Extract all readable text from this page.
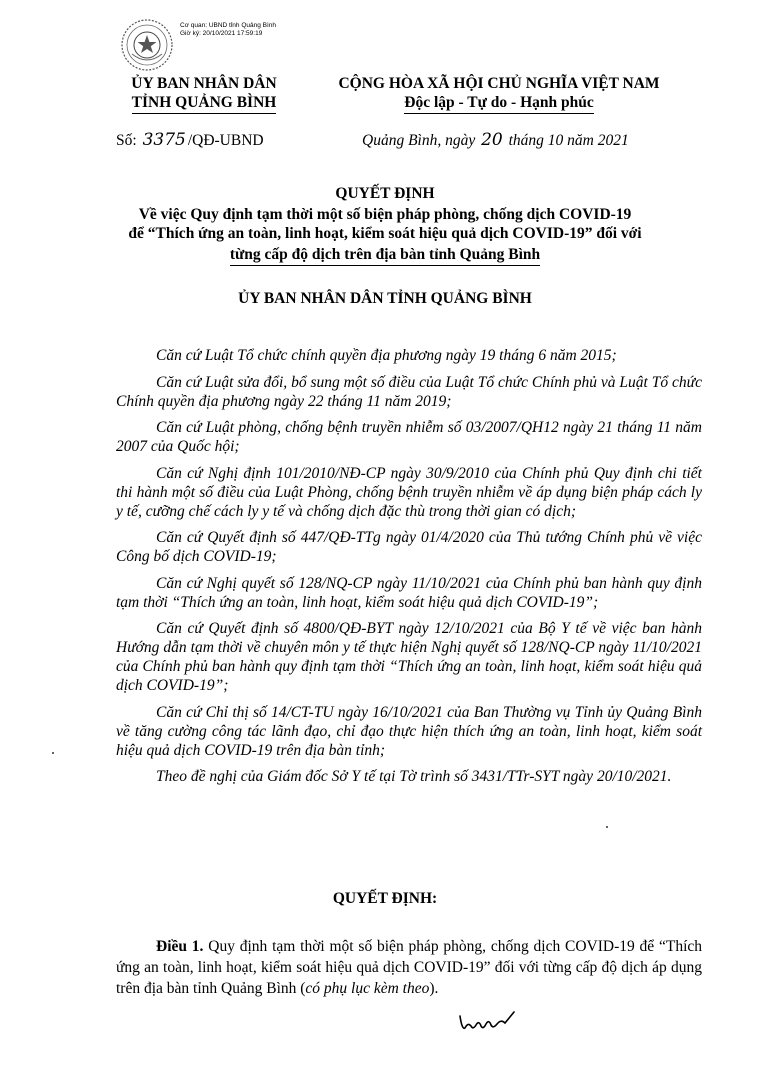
Cơ quan: UBND tỉnh Quảng Bình
Giờ ký: 20/10/2021 17:59:19
ỦY BAN NHÂN DÂN
TỈNH QUẢNG BÌNH
CỘNG HÒA XÃ HỘI CHỦ NGHĨA VIỆT NAM
Độc lập - Tự do - Hạnh phúc
Số: 3375 /QĐ-UBND	Quảng Bình, ngày 20 tháng 10 năm 2021
QUYẾT ĐỊNH
Về việc Quy định tạm thời một số biện pháp phòng, chống dịch COVID-19
để “Thích ứng an toàn, linh hoạt, kiểm soát hiệu quả dịch COVID-19” đối với
từng cấp độ dịch trên địa bàn tỉnh Quảng Bình
ỦY BAN NHÂN DÂN TỈNH QUẢNG BÌNH

Căn cứ Luật Tổ chức chính quyền địa phương ngày 19 tháng 6 năm 2015;

Căn cứ Luật sửa đổi, bổ sung một số điều của Luật Tổ chức Chính phủ và Luật Tổ chức Chính quyền địa phương ngày 22 tháng 11 năm 2019;

Căn cứ Luật phòng, chống bệnh truyền nhiễm số 03/2007/QH12 ngày 21 tháng 11 năm 2007 của Quốc hội;

Căn cứ Nghị định 101/2010/NĐ-CP ngày 30/9/2010 của Chính phủ Quy định chi tiết thi hành một số điều của Luật Phòng, chống bệnh truyền nhiễm về áp dụng biện pháp cách ly y tế, cưỡng chế cách ly y tế và chống dịch đặc thù trong thời gian có dịch;

Căn cứ Quyết định số 447/QĐ-TTg ngày 01/4/2020 của Thủ tướng Chính phủ về việc Công bố dịch COVID-19;

Căn cứ Nghị quyết số 128/NQ-CP ngày 11/10/2021 của Chính phủ ban hành quy định tạm thời “Thích ứng an toàn, linh hoạt, kiểm soát hiệu quả dịch COVID-19”;

Căn cứ Quyết định số 4800/QĐ-BYT ngày 12/10/2021 của Bộ Y tế về việc ban hành Hướng dẫn tạm thời về chuyên môn y tế thực hiện Nghị quyết số 128/NQ-CP ngày 11/10/2021 của Chính phủ ban hành quy định tạm thời “Thích ứng an toàn, linh hoạt, kiểm soát hiệu quả dịch COVID-19”;

Căn cứ Chỉ thị số 14/CT-TU ngày 16/10/2021 của Ban Thường vụ Tỉnh ủy Quảng Bình về tăng cường công tác lãnh đạo, chỉ đạo thực hiện thích ứng an toàn, linh hoạt, kiểm soát hiệu quả dịch COVID-19 trên địa bàn tỉnh;

Theo đề nghị của Giám đốc Sở Y tế tại Tờ trình số 3431/TTr-SYT ngày 20/10/2021.

QUYẾT ĐỊNH:
Điều 1. Quy định tạm thời một số biện pháp phòng, chống dịch COVID-19 để “Thích ứng an toàn, linh hoạt, kiểm soát hiệu quả dịch COVID-19” đối với từng cấp độ dịch áp dụng trên địa bàn tỉnh Quảng Bình (có phụ lục kèm theo).
